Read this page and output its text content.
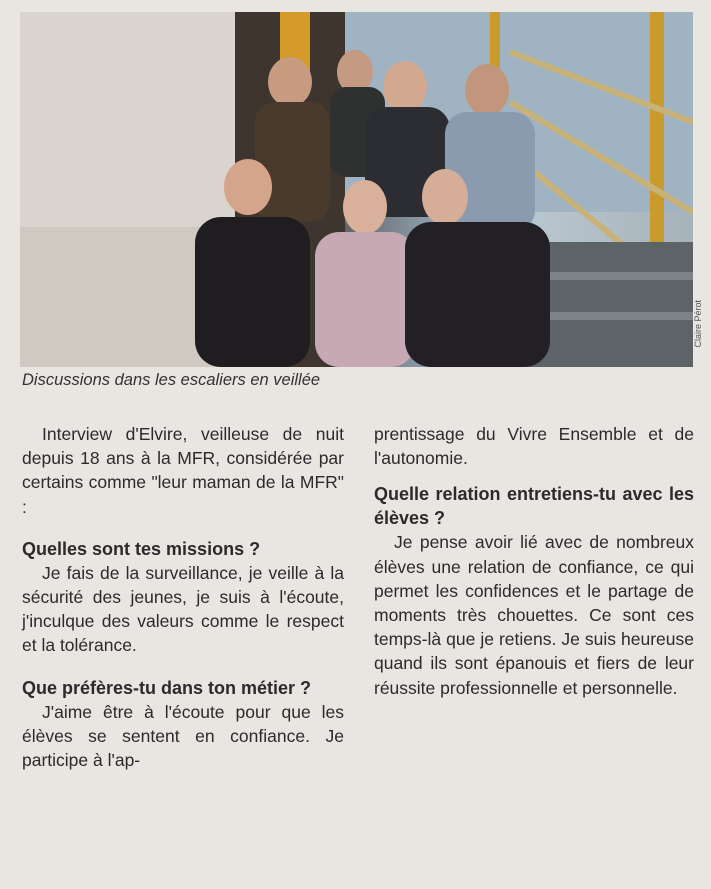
Claire Pérot
Discussions dans les escaliers en veillée

Interview d'Elvire, veilleuse de nuit depuis 18 ans à la MFR, considérée par certains comme "leur maman de la MFR" :

Quelles sont tes missions ?

Je fais de la surveillance, je veille à la sécurité des jeunes, je suis à l'écoute, j'inculque des valeurs comme le respect et la tolérance.

Que préfères-tu dans ton métier ?

J'aime être à l'écoute pour que les élèves se sentent en confiance. Je participe à l'ap-

prentissage du Vivre Ensemble et de l'autonomie.

Quelle relation entretiens-tu avec les élèves ?

Je pense avoir lié avec de nombreux élèves une relation de confiance, ce qui permet les confidences et le partage de moments très chouettes. Ce sont ces temps-là que je retiens. Je suis heureuse quand ils sont épanouis et fiers de leur réussite professionnelle et personnelle.
